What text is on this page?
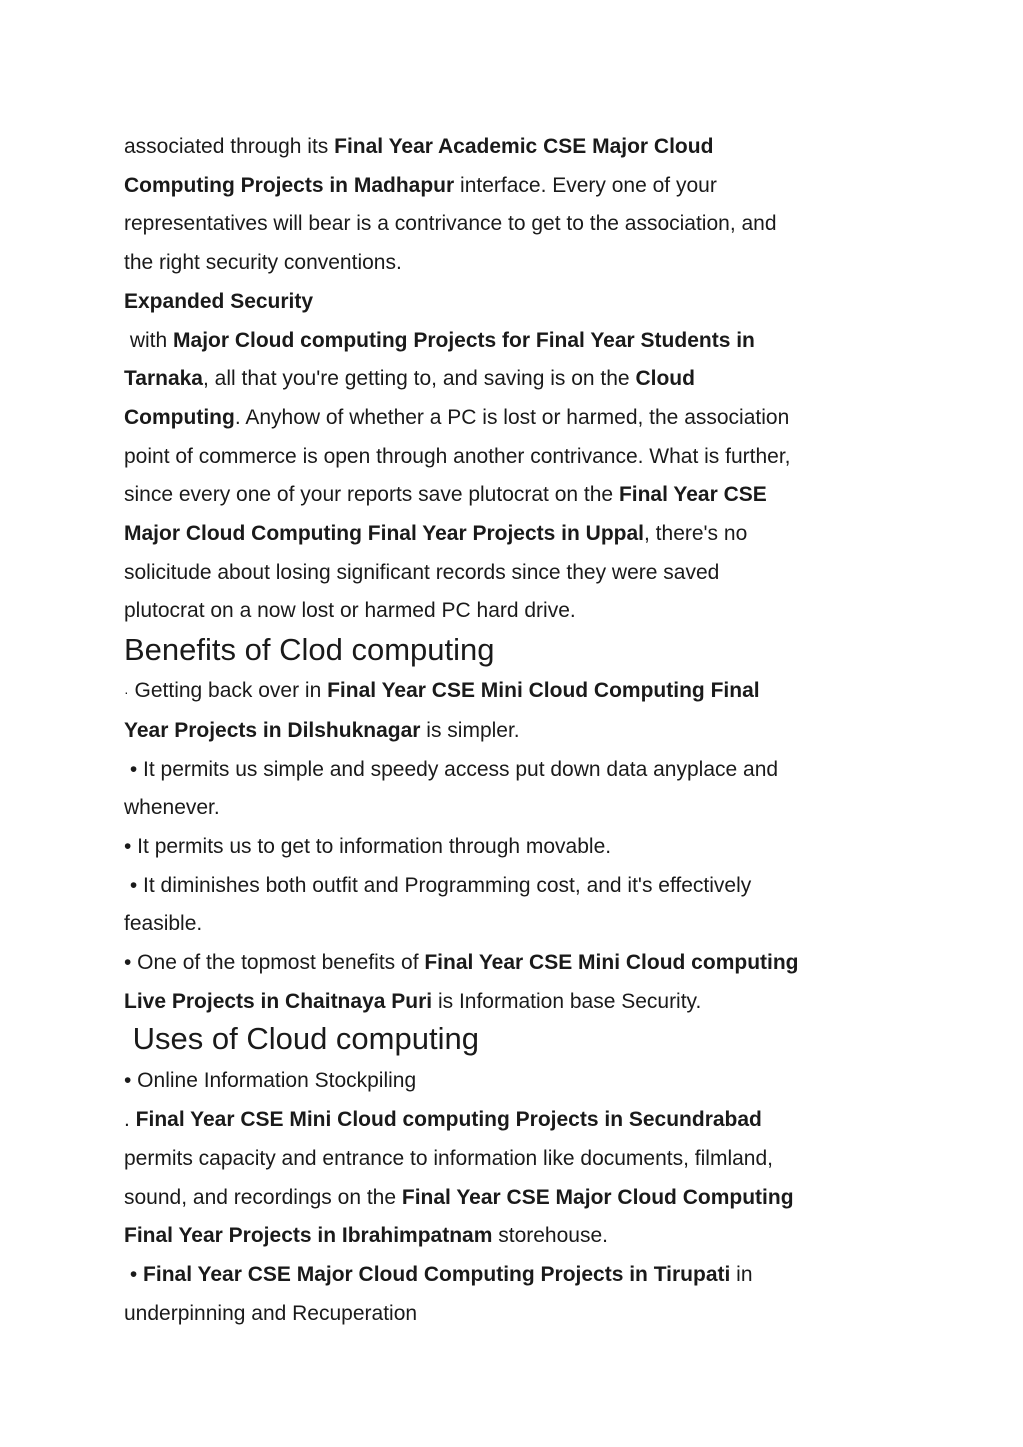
associated through its Final Year Academic CSE Major Cloud
Computing Projects in Madhapur interface. Every one of your
representatives will bear is a contrivance to get to the association, and
the right security conventions.
Expanded Security
with Major Cloud computing Projects for Final Year Students in
Tarnaka, all that you're getting to, and saving is on the Cloud
Computing. Anyhow of whether a PC is lost or harmed, the association
point of commerce is open through another contrivance. What is further,
since every one of your reports save plutocrat on the Final Year CSE
Major Cloud Computing Final Year Projects in Uppal, there's no
solicitude about losing significant records since they were saved
plutocrat on a now lost or harmed PC hard drive.
Benefits of Clod computing
· Getting back over in Final Year CSE Mini Cloud Computing Final
Year Projects in Dilshuknagar is simpler.
• It permits us simple and speedy access put down data anyplace and
whenever.
• It permits us to get to information through movable.
• It diminishes both outfit and Programming cost, and it's effectively
feasible.
• One of the topmost benefits of Final Year CSE Mini Cloud computing
Live Projects in Chaitnaya Puri is Information base Security.
Uses of Cloud computing
• Online Information Stockpiling
. Final Year CSE Mini Cloud computing Projects in Secundrabad
permits capacity and entrance to information like documents, filmland,
sound, and recordings on the Final Year CSE Major Cloud Computing
Final Year Projects in Ibrahimpatnam storehouse.
• Final Year CSE Major Cloud Computing Projects in Tirupati in
underpinning and Recuperation
